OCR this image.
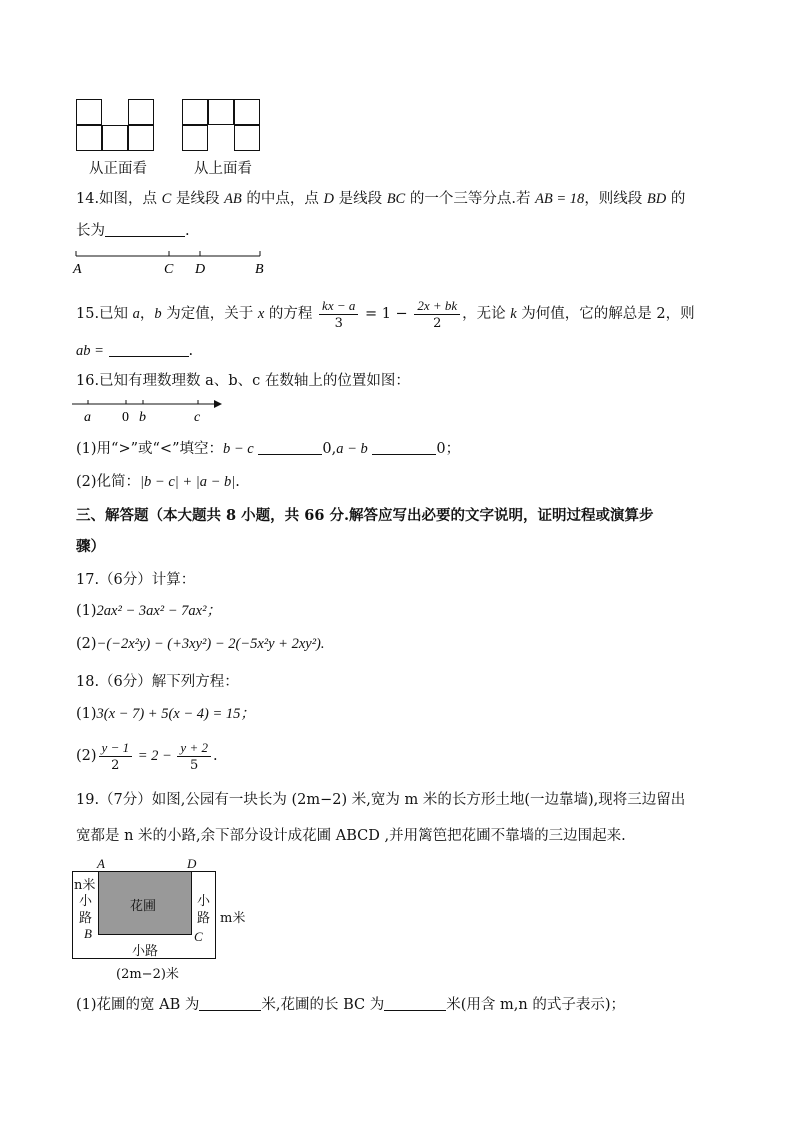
从正面看	从上面看
14.如图，点 C 是线段 AB 的中点，点 D 是线段 BC 的一个三等分点.若 AB = 18，则线段 BD 的
长为	.
A	C D	B
15.已知 a，b 为定值，关于 x 的方程 $\frac{kx - a}{3} = 1 - \frac{2x + bk}{2}$ ，无论 k 为何值，它的解总是 2，则
ab =	.
16.已知有理数理数 a、b、c 在数轴上的位置如图：
a 0 b	c
(1)用“>”或“<”填空：b − c	0,a − b	0；
(2)化简：|b − c| + |a − b|.
三、解答题（本大题共 8 小题，共 66 分.解答应写出必要的文字说明，证明过程或演算步
骤）
17.（6分）计算：
(1)2ax² − 3ax² − 7ax²；
(2)−(−2x²y) − (+3xy²) − 2(−5x²y + 2xy²).
18.（6分）解下列方程：
(1)3(x − 7) + 5(x − 4) = 15；
$(2) \frac{y - 1}{2} = 2 - \frac{y + 2}{5}$ .
19.（7分）如图,公园有一块长为 (2m−2) 米,宽为 m 米的长方形土地(一边靠墙),现将三边留出
宽都是 n 米的小路,余下部分设计成花圃 ABCD ,并用篱笆把花圃不靠墙的三边围起来.
花圃
A	D
B	C
n米
小
路
小
路 m米
小路
(2m−2)米
(1)花圃的宽 AB 为	米,花圃的长 BC 为	米(用含 m,n 的式子表示)；
